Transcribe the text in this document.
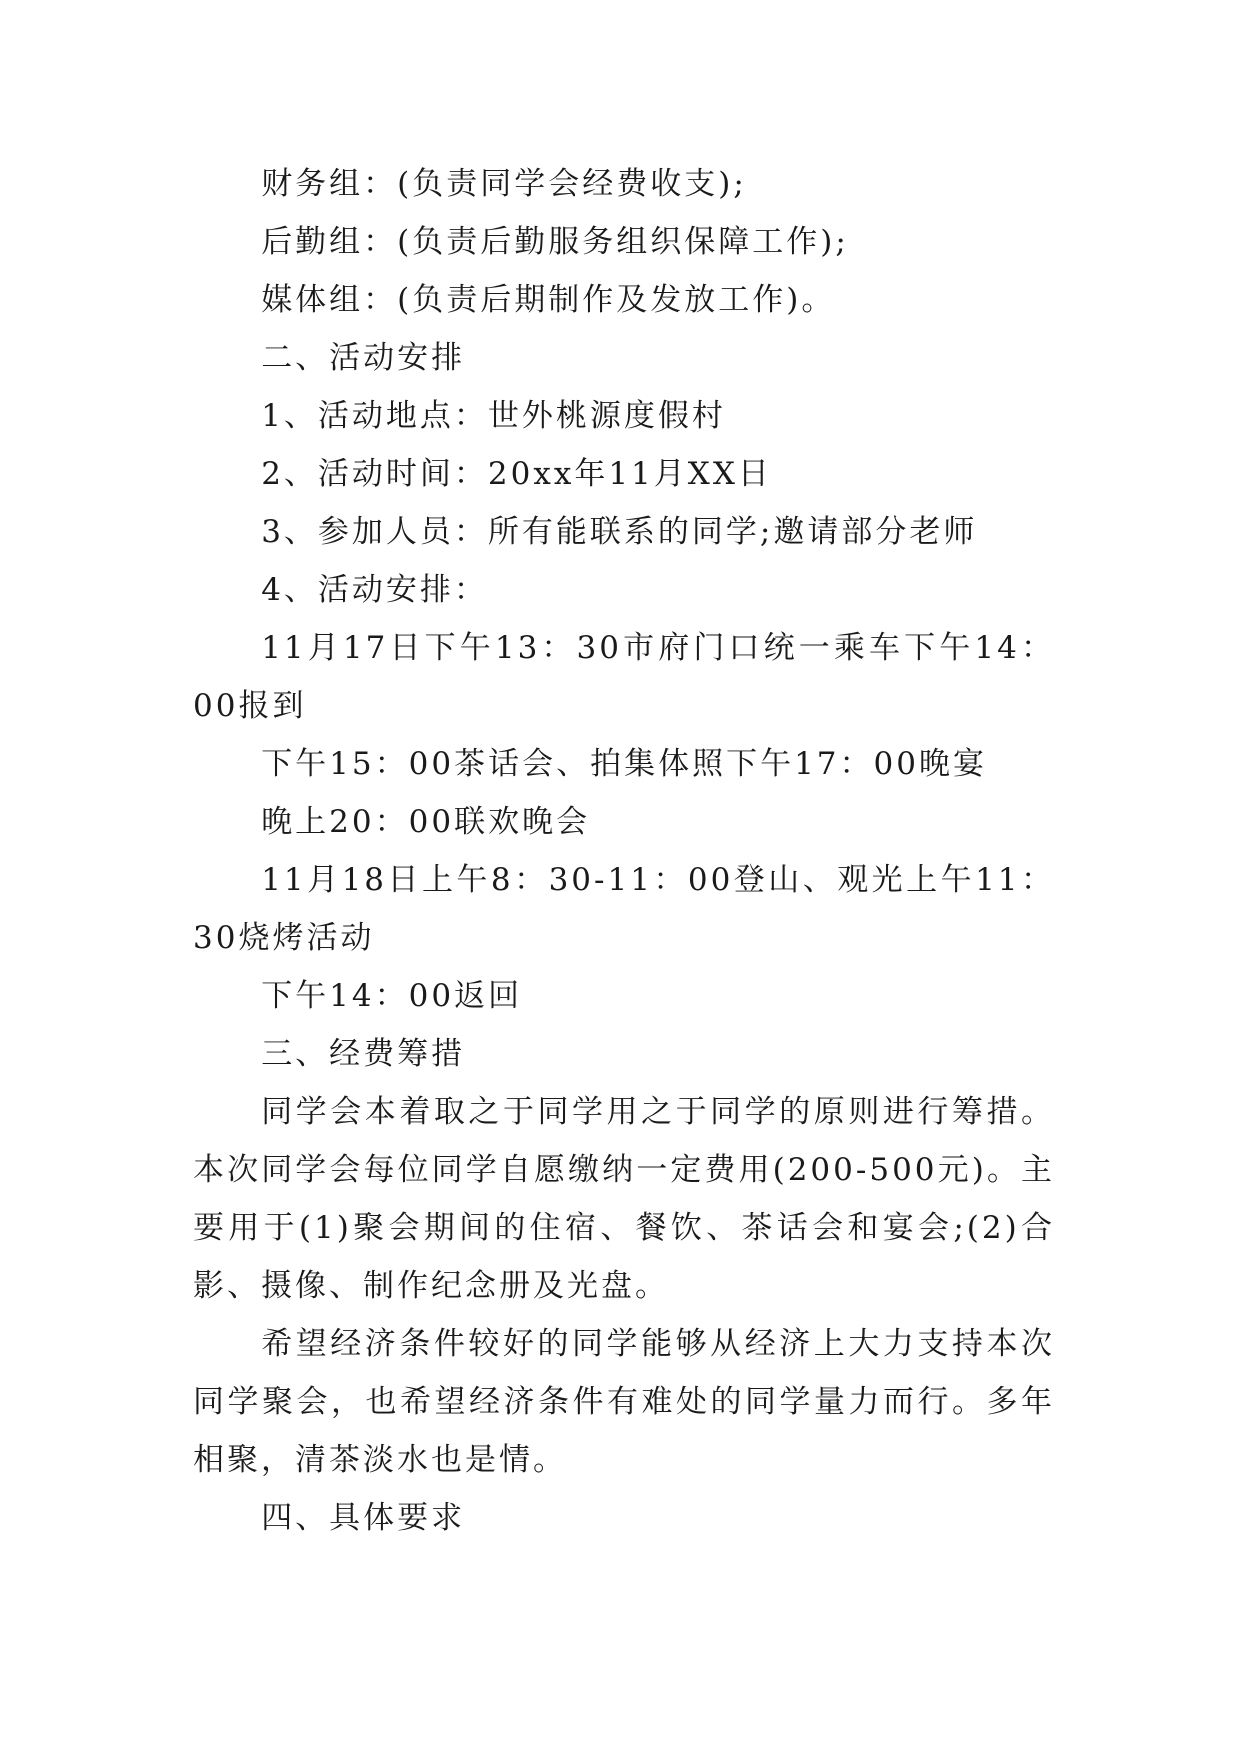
财务组：(负责同学会经费收支);

后勤组：(负责后勤服务组织保障工作);

媒体组：(负责后期制作及发放工作)。

二、活动安排

1、活动地点：世外桃源度假村

2、活动时间：20xx年11月XX日

3、参加人员：所有能联系的同学;邀请部分老师

4、活动安排：

11月17日下午13：30市府门口统一乘车下午14：00报到

下午15：00茶话会、拍集体照下午17：00晚宴

晚上20：00联欢晚会

11月18日上午8：30-11：00登山、观光上午11：30烧烤活动

下午14：00返回

三、经费筹措

同学会本着取之于同学用之于同学的原则进行筹措。本次同学会每位同学自愿缴纳一定费用(200-500元)。主要用于(1)聚会期间的住宿、餐饮、茶话会和宴会;(2)合影、摄像、制作纪念册及光盘。

希望经济条件较好的同学能够从经济上大力支持本次同学聚会，也希望经济条件有难处的同学量力而行。多年相聚，清茶淡水也是情。

四、具体要求
